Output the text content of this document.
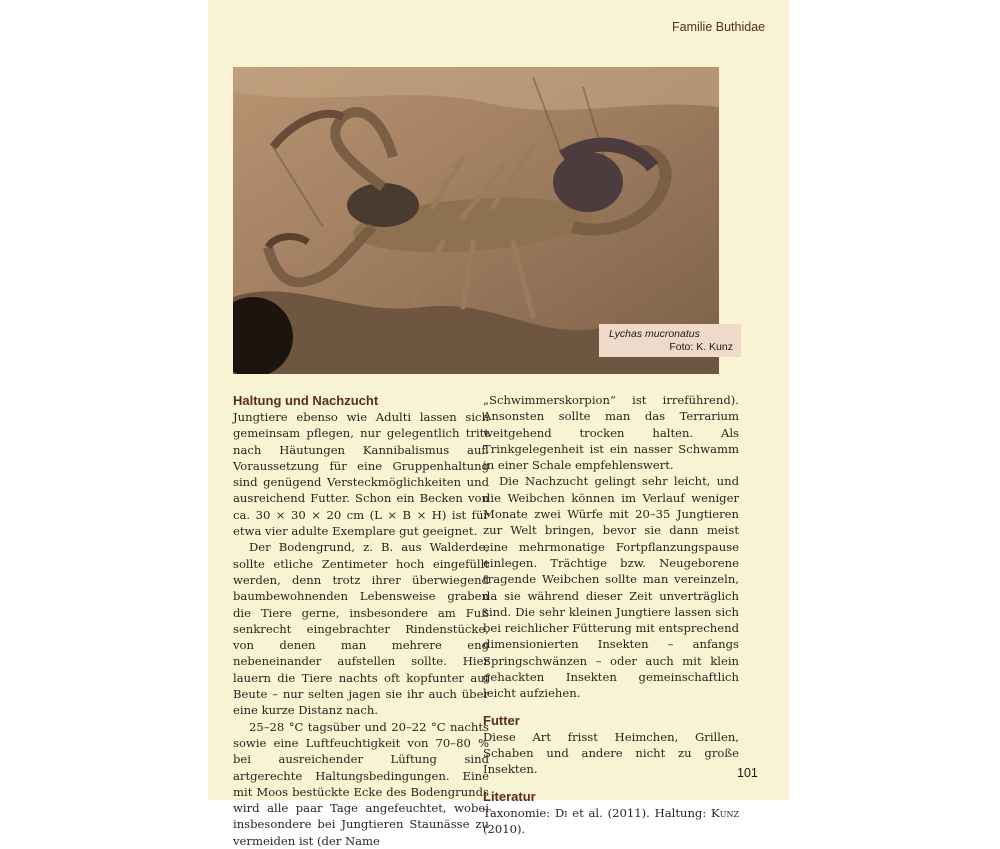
Familie Buthidae
Lychas mucronatus
Foto: K. Kunz
Haltung und Nachzucht

Jungtiere ebenso wie Adulti lassen sich gemeinsam pflegen, nur gelegentlich tritt nach Häutungen Kannibalismus auf. Voraussetzung für eine Gruppenhaltung sind genügend Versteckmöglichkeiten und ausreichend Futter. Schon ein Becken von ca. 30 × 30 × 20 cm (L × B × H) ist für etwa vier adulte Exemplare gut geeignet.

Der Bodengrund, z. B. aus Walderde, sollte etliche Zentimeter hoch eingefüllt werden, denn trotz ihrer überwiegend baumbewohnenden Lebensweise graben die Tiere gerne, insbesondere am Fuß senkrecht eingebrachter Rindenstücke, von denen man mehrere eng nebeneinander aufstellen sollte. Hier lauern die Tiere nachts oft kopfunter auf Beute – nur selten jagen sie ihr auch über eine kurze Distanz nach.

25–28 °C tagsüber und 20–22 °C nachts sowie eine Luftfeuchtigkeit von 70–80 % bei ausreichender Lüftung sind artgerechte Haltungsbedingungen. Eine mit Moos bestückte Ecke des Bodengrunds wird alle paar Tage angefeuchtet, wobei insbesondere bei Jungtieren Staunässe zu vermeiden ist (der Name

„Schwimmerskorpion“ ist irreführend). Ansonsten sollte man das Terrarium weitgehend trocken halten. Als Trinkgelegenheit ist ein nasser Schwamm in einer Schale empfehlenswert.

Die Nachzucht gelingt sehr leicht, und die Weibchen können im Verlauf weniger Monate zwei Würfe mit 20–35 Jungtieren zur Welt bringen, bevor sie dann meist eine mehrmonatige Fortpflanzungspause einlegen. Trächtige bzw. Neugeborene tragende Weibchen sollte man vereinzeln, da sie während dieser Zeit unverträglich sind. Die sehr kleinen Jungtiere lassen sich bei reichlicher Fütterung mit entsprechend dimensionierten Insekten – anfangs Springschwänzen – oder auch mit klein gehackten Insekten gemeinschaftlich leicht aufziehen.

Futter

Diese Art frisst Heimchen, Grillen, Schaben und andere nicht zu große Insekten.

Literatur

Taxonomie: Di et al. (2011). Haltung: Kunz (2010).

101
